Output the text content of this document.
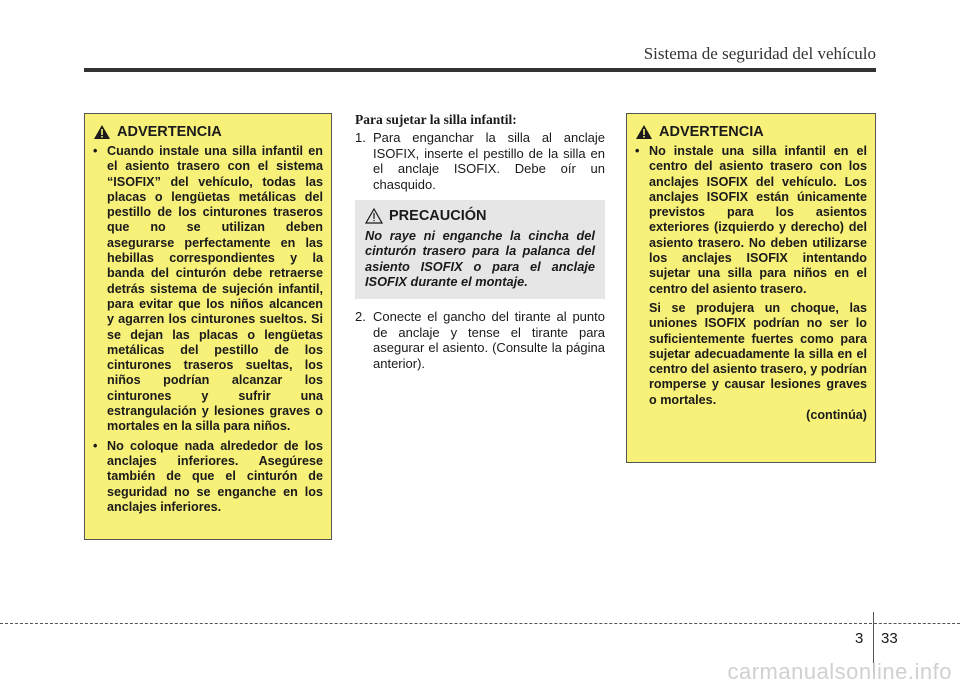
Sistema de seguridad del vehículo
ADVERTENCIA
• Cuando instale una silla infantil en el asiento trasero con el sistema “ISOFIX” del vehículo, todas las placas o lengüetas metálicas del pestillo de los cinturones traseros que no se utilizan deben asegurarse perfectamente en las hebillas correspondientes y la banda del cinturón debe retraerse detrás sistema de sujeción infantil, para evitar que los niños alcancen y agarren los cinturones sueltos. Si se dejan las placas o lengüetas metálicas del pestillo de los cinturones traseros sueltas, los niños podrían alcanzar los cinturones y sufrir una estrangulación y lesiones graves o mortales en la silla para niños.
• No coloque nada alrededor de los anclajes inferiores. Asegúrese también de que el cinturón de seguridad no se enganche en los anclajes inferiores.
Para sujetar la silla infantil:
1. Para enganchar la silla al anclaje ISOFIX, inserte el pestillo de la silla en el anclaje ISOFIX. Debe oír un chasquido.
PRECAUCIÓN

No raye ni enganche la cincha del cinturón trasero para la palanca del asiento ISOFIX o para el anclaje ISOFIX durante el montaje.

2. Conecte el gancho del tirante al punto de anclaje y tense el tirante para asegurar el asiento. (Consulte la página anterior).
ADVERTENCIA
• No instale una silla infantil en el centro del asiento trasero con los anclajes ISOFIX del vehículo. Los anclajes ISOFIX están únicamente previstos para los asientos exteriores (izquierdo y derecho) del asiento trasero. No deben utilizarse los anclajes ISOFIX intentando sujetar una silla para niños en el centro del asiento trasero.

Si se produjera un choque, las uniones ISOFIX podrían no ser lo suficientemente fuertes como para sujetar adecuadamente la silla en el centro del asiento trasero, y podrían romperse y causar lesiones graves o mortales.

(continúa)

3 33
carmanualsonline.info
